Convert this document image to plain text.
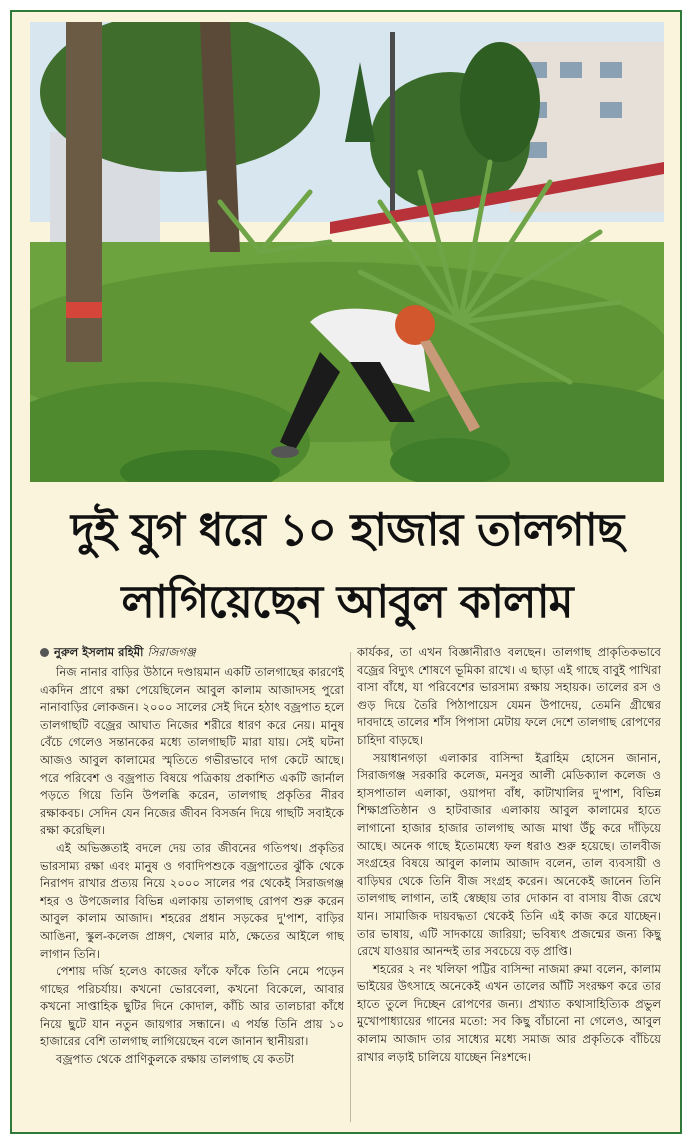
দুই যুগ ধরে ১০ হাজার তালগাছ
লাগিয়েছেন আবুল কালাম
নুরুল ইসলাম রহিমী সিরাজগঞ্জ

নিজ নানার বাড়ির উঠানে দণ্ডায়মান একটি তালগাছের কারণেই একদিন প্রাণে রক্ষা পেয়েছিলেন আবুল কালাম আজাদসহ পুরো নানাবাড়ির লোকজন। ২০০০ সালের সেই দিনে হঠাৎ বজ্রপাত হলে তালগাছটি বজ্রের আঘাত নিজের শরীরে ধারণ করে নেয়। মানুষ বেঁচে গেলেও সন্তানকের মধ্যে তালগাছটি মারা যায়। সেই ঘটনা আজও আবুল কালামের স্মৃতিতে গভীরভাবে দাগ কেটে আছে। পরে পরিবেশ ও বজ্রপাত বিষয়ে পত্রিকায় প্রকাশিত একটি জার্নাল পড়তে গিয়ে তিনি উপলব্ধি করেন, তালগাছ প্রকৃতির নীরব রক্ষাকবচ। সেদিন যেন নিজের জীবন বিসর্জন দিয়ে গাছটি সবাইকে রক্ষা করেছিল।

এই অভিজ্ঞতাই বদলে দেয় তার জীবনের গতিপথ। প্রকৃতির ভারসাম্য রক্ষা এবং মানুষ ও গবাদিপশুকে বজ্রপাতের ঝুঁকি থেকে নিরাপদ রাখার প্রত্যয় নিয়ে ২০০০ সালের পর থেকেই সিরাজগঞ্জ শহর ও উপজেলার বিভিন্ন এলাকায় তালগাছ রোপণ শুরু করেন আবুল কালাম আজাদ। শহরের প্রধান সড়কের দু'পাশ, বাড়ির আঙিনা, স্কুল-কলেজ প্রাঙ্গণ, খেলার মাঠ, ক্ষেতের আইলে গাছ লাগান তিনি।

পেশায় দর্জি হলেও কাজের ফাঁকে ফাঁকে তিনি নেমে পড়েন গাছের পরিচর্যায়। কখনো ভোরবেলা, কখনো বিকেলে, আবার কখনো সাপ্তাহিক ছুটির দিনে কোদাল, কাঁচি আর তালচারা কাঁধে নিয়ে ছুটে যান নতুন জায়গার সন্ধানে। এ পর্যন্ত তিনি প্রায় ১০ হাজারের বেশি তালগাছ লাগিয়েছেন বলে জানান স্থানীয়রা।

বজ্রপাত থেকে প্রাণিকুলকে রক্ষায় তালগাছ যে কতটা

কার্যকর, তা এখন বিজ্ঞানীরাও বলছেন। তালগাছ প্রাকৃতিকভাবে বজ্রের বিদ্যুৎ শোষণে ভূমিকা রাখে। এ ছাড়া এই গাছে বাবুই পাখিরা বাসা বাঁধে, যা পরিবেশের ভারসাম্য রক্ষায় সহায়ক। তালের রস ও গুড় দিয়ে তৈরি পিঠাপায়েস যেমন উপাদেয়, তেমনি গ্রীষ্মের দাবদাহে তালের শাঁস পিপাসা মেটায় ফলে দেশে তালগাছ রোপণের চাহিদা বাড়ছে।

সয়াধানগড়া এলাকার বাসিন্দা ইব্রাহিম হোসেন জানান, সিরাজগঞ্জ সরকারি কলেজ, মনসুর আলী মেডিক্যাল কলেজ ও হাসপাতাল এলাকা, ওয়াপদা বাঁধ, কাটাখালির দু'পাশ, বিভিন্ন শিক্ষাপ্রতিষ্ঠান ও হাটবাজার এলাকায় আবুল কালামের হাতে লাগানো হাজার হাজার তালগাছ আজ মাথা উঁচু করে দাঁড়িয়ে আছে। অনেক গাছে ইতোমধ্যে ফল ধরাও শুরু হয়েছে। তালবীজ সংগ্রহের বিষয়ে আবুল কালাম আজাদ বলেন, তাল ব্যবসায়ী ও বাড়িঘর থেকে তিনি বীজ সংগ্রহ করেন। অনেকেই জানেন তিনি তালগাছ লাগান, তাই স্বেচ্ছায় তার দোকান বা বাসায় বীজ রেখে যান। সামাজিক দায়বদ্ধতা থেকেই তিনি এই কাজ করে যাচ্ছেন। তার ভাষায়, এটি সাদকায়ে জারিয়া; ভবিষ্যৎ প্রজন্মের জন্য কিছু রেখে যাওয়ার আনন্দই তার সবচেয়ে বড় প্রাপ্তি।

শহরের ২ নং খলিফা পট্টির বাসিন্দা নাজমা রুমা বলেন, কালাম ভাইয়ের উৎসাহে অনেকেই এখন তালের আঁটি সংরক্ষণ করে তার হাতে তুলে দিচ্ছেন রোপণের জন্য। প্রখ্যাত কথাসাহিত্যিক প্রভুল মুখোপাধ্যায়ের গানের মতো: সব কিছু বাঁচানো না গেলেও, আবুল কালাম আজাদ তার সাধ্যের মধ্যে সমাজ আর প্রকৃতিকে বাঁচিয়ে রাখার লড়াই চালিয়ে যাচ্ছেন নিঃশব্দে।
